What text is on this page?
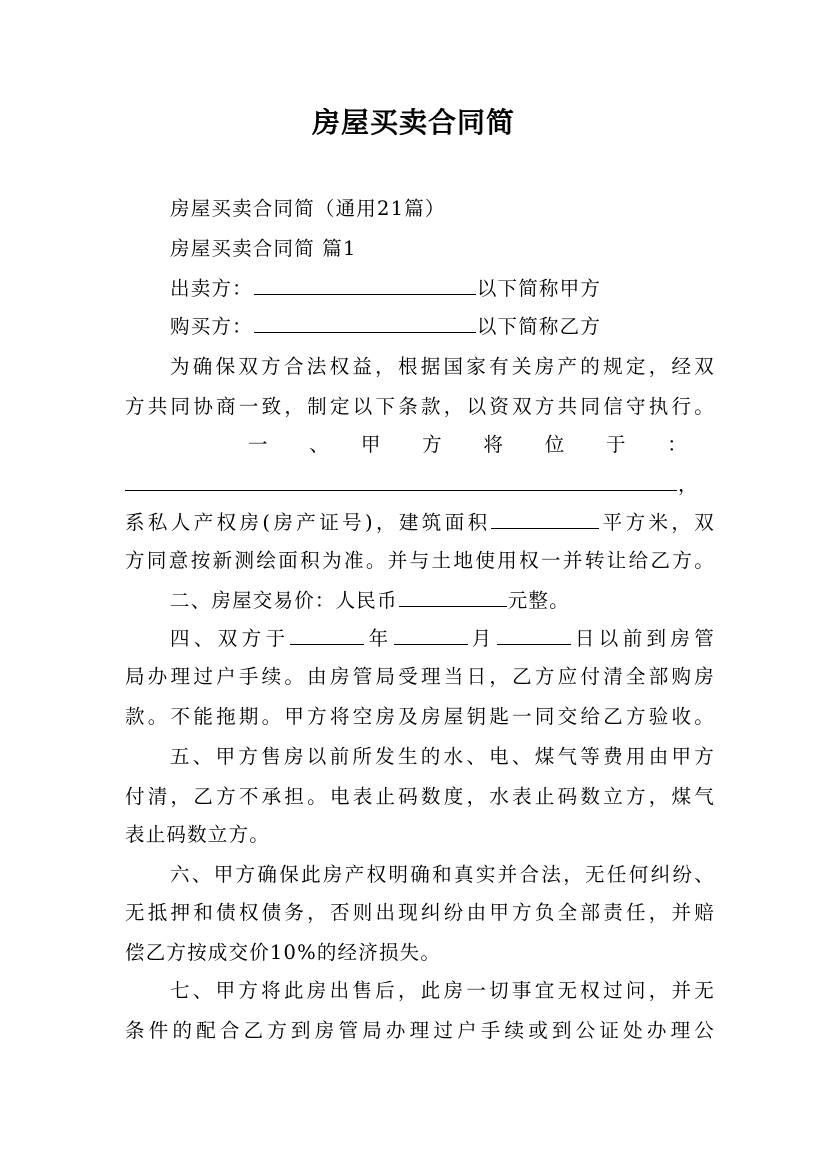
房屋买卖合同简
房屋买卖合同简（通用21篇）
房屋买卖合同简 篇1
出卖方：	以下简称甲方
购买方：	以下简称乙方
为确保双方合法权益，根据国家有关房产的规定，经双
方共同协商一致，制定以下条款，以资双方共同信守执行。
一　、　甲　方　将　位　于　：
，
系私人产权房(房产证号)，建筑面积	平方米，双
方同意按新测绘面积为准。并与土地使用权一并转让给乙方。
二、房屋交易价：人民币	元整。
四、双方于	年	月	日以前到房管
局办理过户手续。由房管局受理当日，乙方应付清全部购房
款。不能拖期。甲方将空房及房屋钥匙一同交给乙方验收。
五、甲方售房以前所发生的水、电、煤气等费用由甲方
付清，乙方不承担。电表止码数度，水表止码数立方，煤气
表止码数立方。
六、甲方确保此房产权明确和真实并合法，无任何纠纷、
无抵押和债权债务，否则出现纠纷由甲方负全部责任，并赔
偿乙方按成交价10%的经济损失。
七、甲方将此房出售后，此房一切事宜无权过问，并无
条件的配合乙方到房管局办理过户手续或到公证处办理公
